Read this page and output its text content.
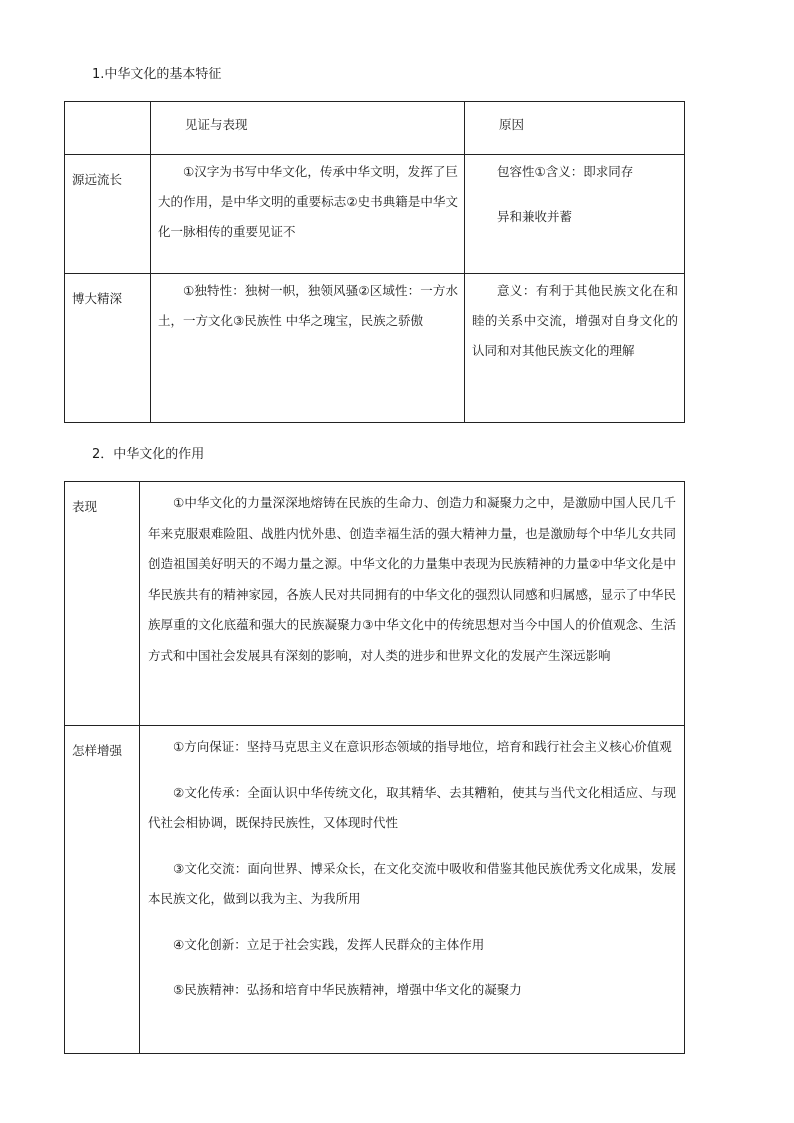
1.中华文化的基本特征
	见证与表现	原因
源远流长	①汉字为书写中华文化，传承中华文明，发挥了巨大的作用，是中华文明的重要标志②史书典籍是中华文化一脉相传的重要见证不	包容性①含义：即求同存
异和兼收并蓄

博大精深	①独特性：独树一帜，独领风骚②区域性：一方水土，一方文化③民族性 中华之瑰宝，民族之骄傲	意义：有利于其他民族文化在和睦的关系中交流，增强对自身文化的认同和对其他民族文化的理解
2．中华文化的作用
表现	①中华文化的力量深深地熔铸在民族的生命力、创造力和凝聚力之中，是激励中国人民几千年来克服艰难险阻、战胜内忧外患、创造幸福生活的强大精神力量，也是激励每个中华儿女共同创造祖国美好明天的不竭力量之源。中华文化的力量集中表现为民族精神的力量②中华文化是中华民族共有的精神家园，各族人民对共同拥有的中华文化的强烈认同感和归属感，显示了中华民族厚重的文化底蕴和强大的民族凝聚力③中华文化中的传统思想对当今中国人的价值观念、生活方式和中国社会发展具有深刻的影响，对人类的进步和世界文化的发展产生深远影响

怎样增强	①方向保证：坚持马克思主义在意识形态领域的指导地位，培育和践行社会主义核心价值观

②文化传承：全面认识中华传统文化，取其精华、去其糟粕，使其与当代文化相适应、与现代社会相协调，既保持民族性，又体现时代性

③文化交流：面向世界、博采众长，在文化交流中吸收和借鉴其他民族优秀文化成果，发展本民族文化，做到以我为主、为我所用

④文化创新：立足于社会实践，发挥人民群众的主体作用

⑤民族精神：弘扬和培育中华民族精神，增强中华文化的凝聚力
